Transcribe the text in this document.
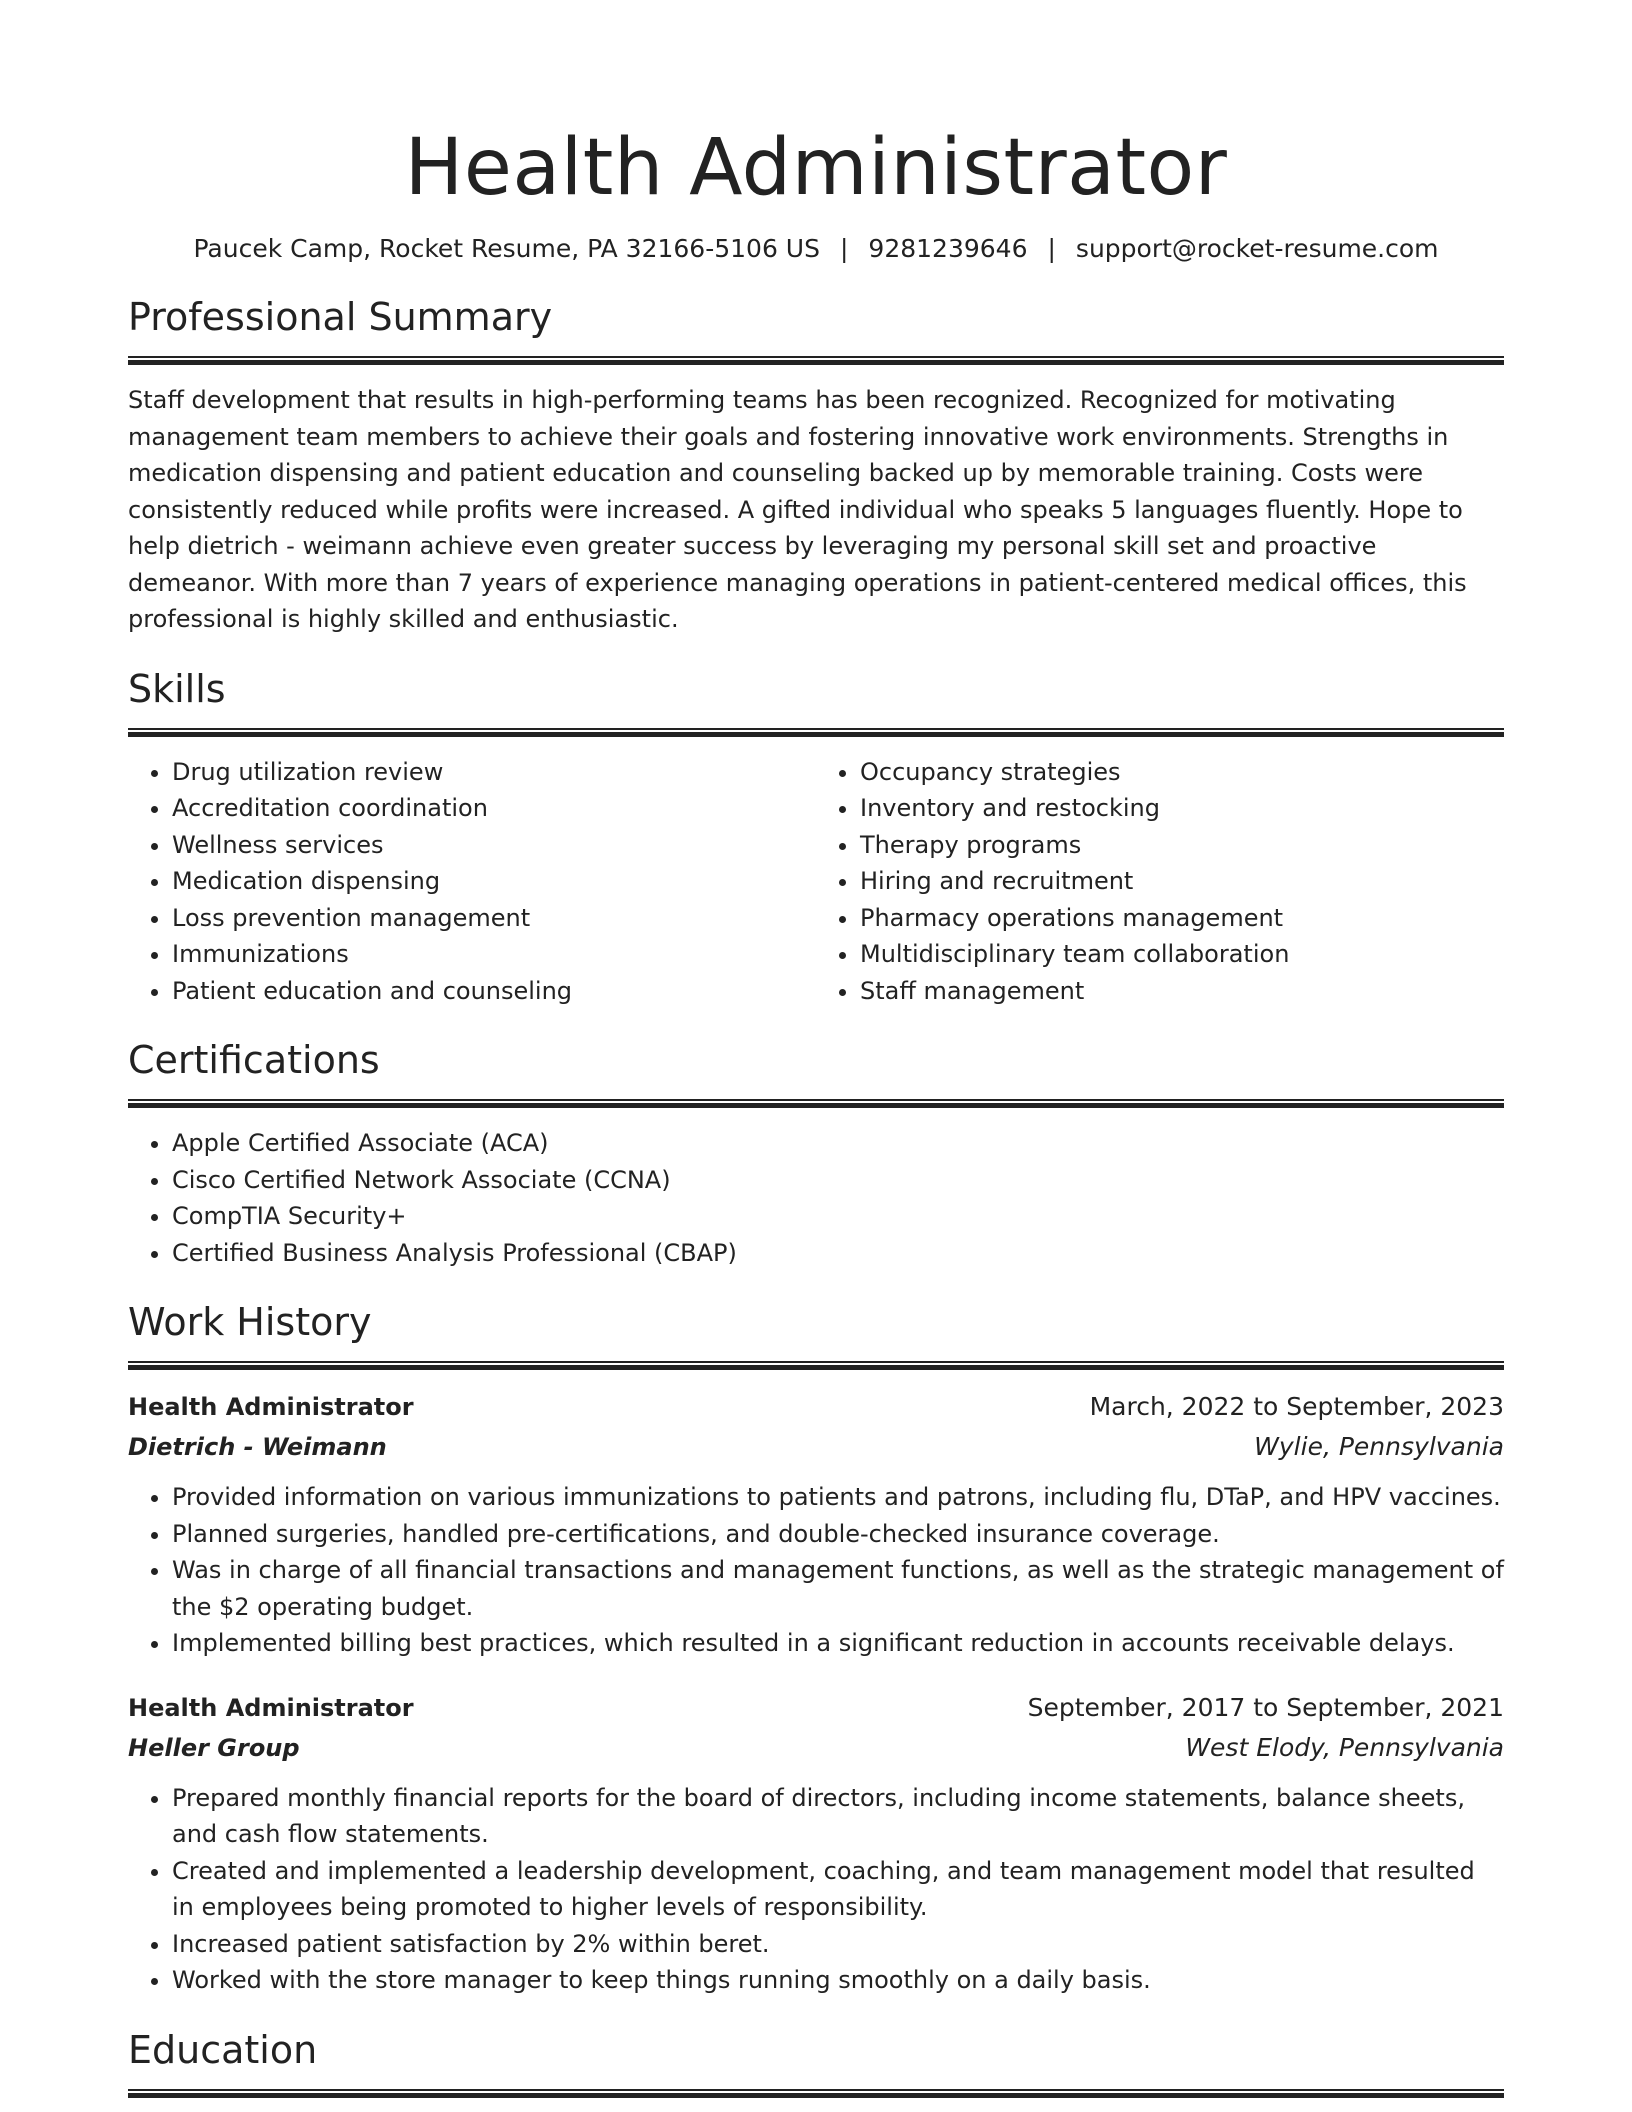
Health Administrator
Paucek Camp, Rocket Resume, PA 32166-5106 US | 9281239646 | support@rocket-resume.com
Professional Summary

Staff development that results in high-performing teams has been recognized. Recognized for motivating management team members to achieve their goals and fostering innovative work environments. Strengths in medication dispensing and patient education and counseling backed up by memorable training. Costs were consistently reduced while profits were increased. A gifted individual who speaks 5 languages fluently. Hope to help dietrich - weimann achieve even greater success by leveraging my personal skill set and proactive demeanor. With more than 7 years of experience managing operations in patient-centered medical offices, this professional is highly skilled and enthusiastic.

Skills
• Drug utilization review
• Accreditation coordination
• Wellness services
• Medication dispensing
• Loss prevention management
• Immunizations
• Patient education and counseling
• Occupancy strategies
• Inventory and restocking
• Therapy programs
• Hiring and recruitment
• Pharmacy operations management
• Multidisciplinary team collaboration
• Staff management
Certifications
• Apple Certified Associate (ACA)
• Cisco Certified Network Associate (CCNA)
• CompTIA Security+
• Certified Business Analysis Professional (CBAP)
Work History
Health Administrator	March, 2022 to September, 2023
Dietrich - Weimann	Wylie, Pennsylvania
• Provided information on various immunizations to patients and patrons, including flu, DTaP, and HPV vaccines.
• Planned surgeries, handled pre-certifications, and double-checked insurance coverage.
• Was in charge of all financial transactions and management functions, as well as the strategic management of the $2 operating budget.
• Implemented billing best practices, which resulted in a significant reduction in accounts receivable delays.
Health Administrator	September, 2017 to September, 2021
Heller Group	West Elody, Pennsylvania
• Prepared monthly financial reports for the board of directors, including income statements, balance sheets, and cash flow statements.
• Created and implemented a leadership development, coaching, and team management model that resulted in employees being promoted to higher levels of responsibility.
• Increased patient satisfaction by 2% within beret.
• Worked with the store manager to keep things running smoothly on a daily basis.
Education
